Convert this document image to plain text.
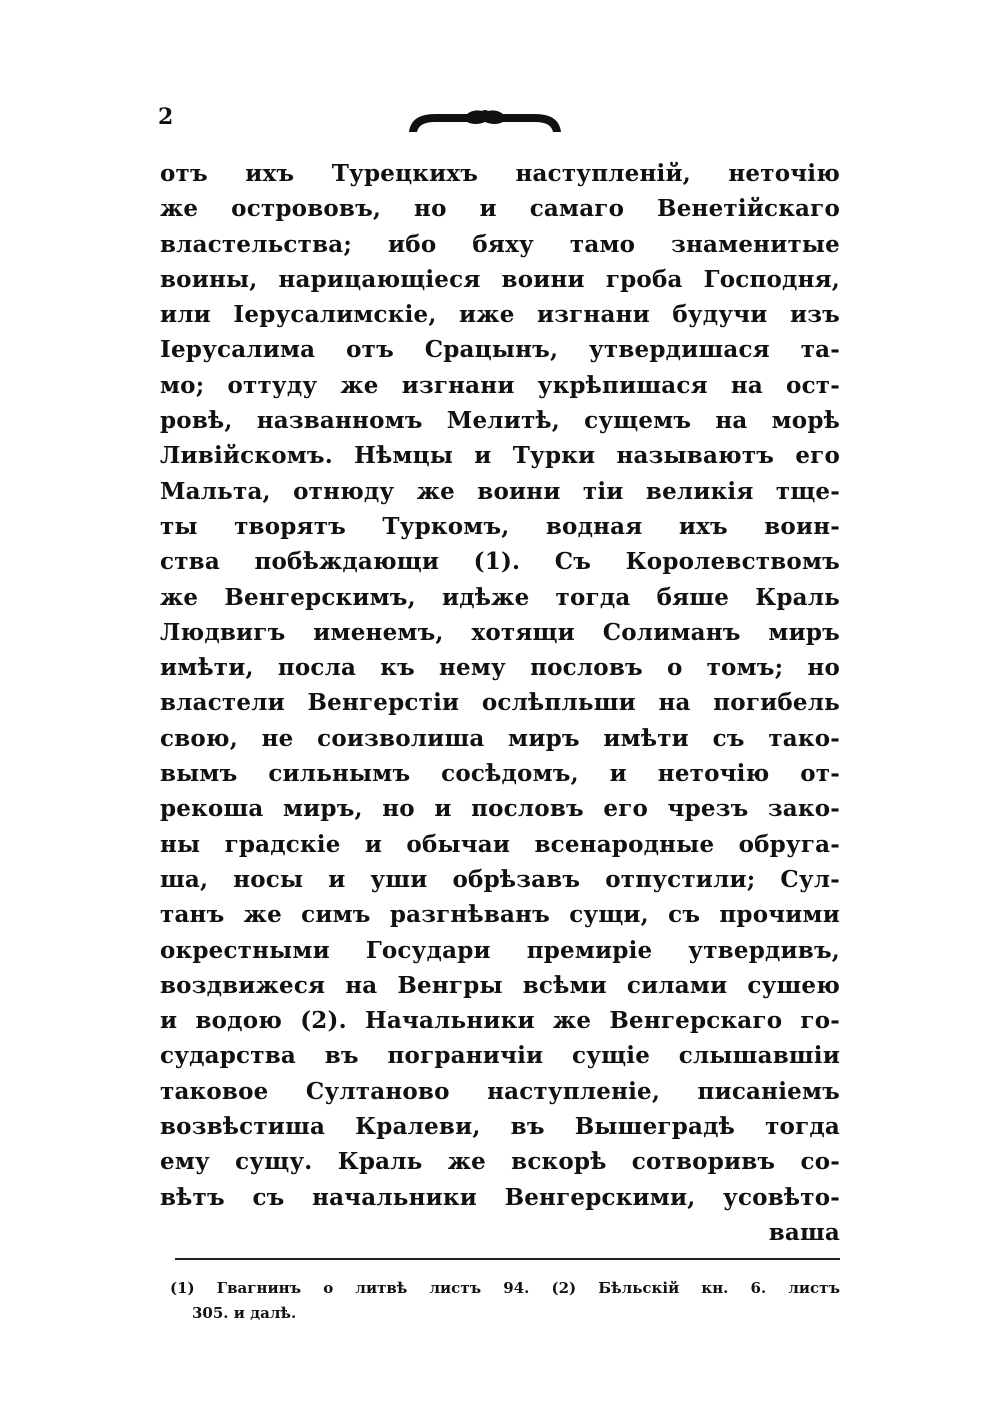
2
отъ ихъ Турецкихъ наступленій, неточію
же острововъ, но и самаго Венетійскаго
властельства; ибо бяху тамо знаменитые
воины, нарицающіеся воини гроба Господня,
или Іерусалимскіе, иже изгнани будучи изъ
Іерусалима отъ Срацынъ, утвердишася та-
мо; оттуду же изгнани укрѣпишася на ост-
ровѣ, названномъ Мелитѣ, сущемъ на морѣ
Ливійскомъ. Нѣмцы и Турки называютъ его
Мальта, отнюду же воини тіи великія тще-
ты творятъ Туркомъ, водная ихъ воин-
ства побѣждающи (1). Съ Королевствомъ
же Венгерскимъ, идѣже тогда бяше Краль
Людвигъ именемъ, хотящи Солиманъ миръ
имѣти, посла къ нему пословъ о томъ; но
властели Венгерстіи ослѣпльши на погибель
свою, не соизволиша миръ имѣти съ тако-
вымъ сильнымъ сосѣдомъ, и неточію от-
рекоша миръ, но и пословъ его чрезъ зако-
ны градскіе и обычаи всенародные обруга-
ша, носы и уши обрѣзавъ отпустили; Сул-
танъ же симъ разгнѣванъ сущи, съ прочими
окрестными Государи премиріе утвердивъ,
воздвижеся на Венгры всѣми силами сушею
и водою (2). Начальники же Венгерскаго го-
сударства въ пограничіи сущіе слышавшіи
таковое Султаново наступленіе, писаніемъ
возвѣстиша Кралеви, въ Вышеградѣ тогда
ему сущу. Краль же вскорѣ сотворивъ со-
вѣтъ съ начальники Венгерскими, усовѣто-
ваша
(1) Гвагнинъ о литвѣ листъ 94. (2) Бѣльскій кн. 6. листъ
305. и далѣ.
